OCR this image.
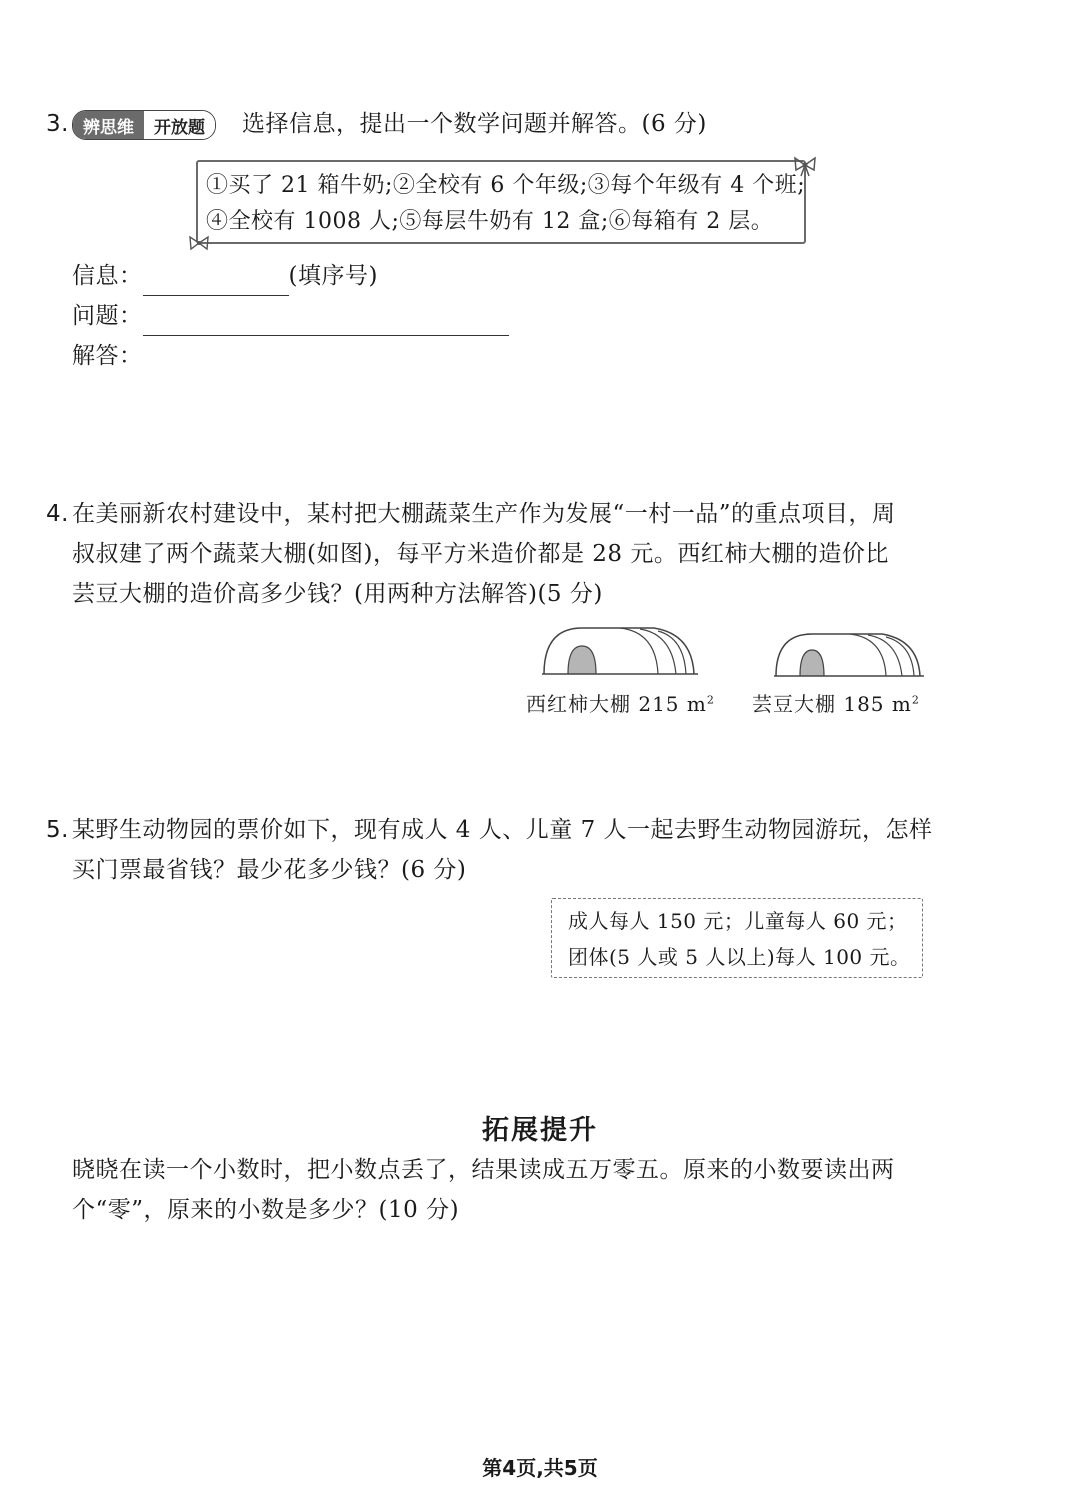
3. 辨思维	开放题	选择信息，提出一个数学问题并解答。(6 分)
①买了 21 箱牛奶;②全校有 6 个年级;③每个年级有 4 个班;
④全校有 1008 人;⑤每层牛奶有 12 盒;⑥每箱有 2 层。
信息：	(填序号)
问题：
解答：
4. 在美丽新农村建设中，某村把大棚蔬菜生产作为发展“一村一品”的重点项目，周
叔叔建了两个蔬菜大棚(如图)，每平方米造价都是 28 元。西红柿大棚的造价比
芸豆大棚的造价高多少钱？(用两种方法解答)(5 分)
西红柿大棚 215 $m^2$ 芸豆大棚 185 $m^2$
5. 某野生动物园的票价如下，现有成人 4 人、儿童 7 人一起去野生动物园游玩，怎样
买门票最省钱？最少花多少钱？(6 分)
成人每人 150 元；儿童每人 60 元；
团体(5 人或 5 人以上)每人 100 元。
拓展提升
晓晓在读一个小数时，把小数点丢了，结果读成五万零五。原来的小数要读出两
个“零”，原来的小数是多少？(10 分)
第4页,共5页
